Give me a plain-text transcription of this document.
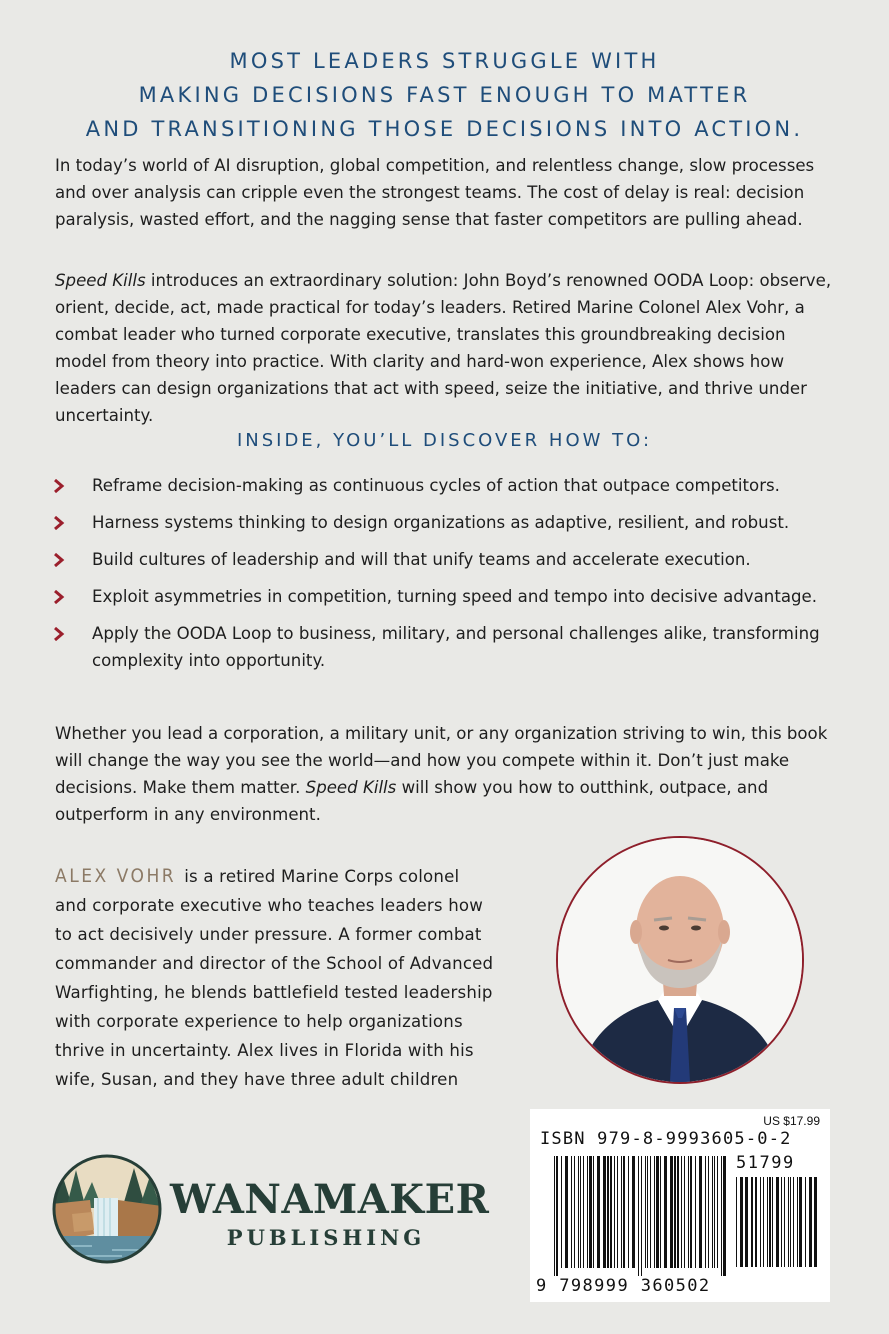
MOST LEADERS STRUGGLE WITH
MAKING DECISIONS FAST ENOUGH TO MATTER
AND TRANSITIONING THOSE DECISIONS INTO ACTION.

In today’s world of AI disruption, global competition, and relentless change, slow processes and over analysis can cripple even the strongest teams. The cost of delay is real: decision paralysis, wasted effort, and the nagging sense that faster competitors are pulling ahead.

Speed Kills introduces an extraordinary solution: John Boyd’s renowned OODA Loop: observe, orient, decide, act, made practical for today’s leaders. Retired Marine Colonel Alex Vohr, a combat leader who turned corporate executive, translates this groundbreaking decision model from theory into practice. With clarity and hard-won experience, Alex shows how leaders can design organizations that act with speed, seize the initiative, and thrive under uncertainty.

INSIDE, YOU’LL DISCOVER HOW TO:
Reframe decision-making as continuous cycles of action that outpace competitors.
Harness systems thinking to design organizations as adaptive, resilient, and robust.
Build cultures of leadership and will that unify teams and accelerate execution.
Exploit asymmetries in competition, turning speed and tempo into decisive advantage.
Apply the OODA Loop to business, military, and personal challenges alike, transforming complexity into opportunity.

Whether you lead a corporation, a military unit, or any organization striving to win, this book will change the way you see the world—and how you compete within it. Don’t just make decisions. Make them matter. Speed Kills will show you how to outthink, outpace, and outperform in any environment.

ALEX VOHR is a retired Marine Corps colonel and corporate executive who teaches leaders how to act decisively under pressure. A former combat commander and director of the School of Advanced Warfighting, he blends battlefield tested leadership with corporate experience to help organizations thrive in uncertainty. Alex lives in Florida with his wife, Susan, and they have three adult children
US $17.99
ISBN 979-8-9993605-0-2
51799
9 798999 360502
WANAMAKER
PUBLISHING
